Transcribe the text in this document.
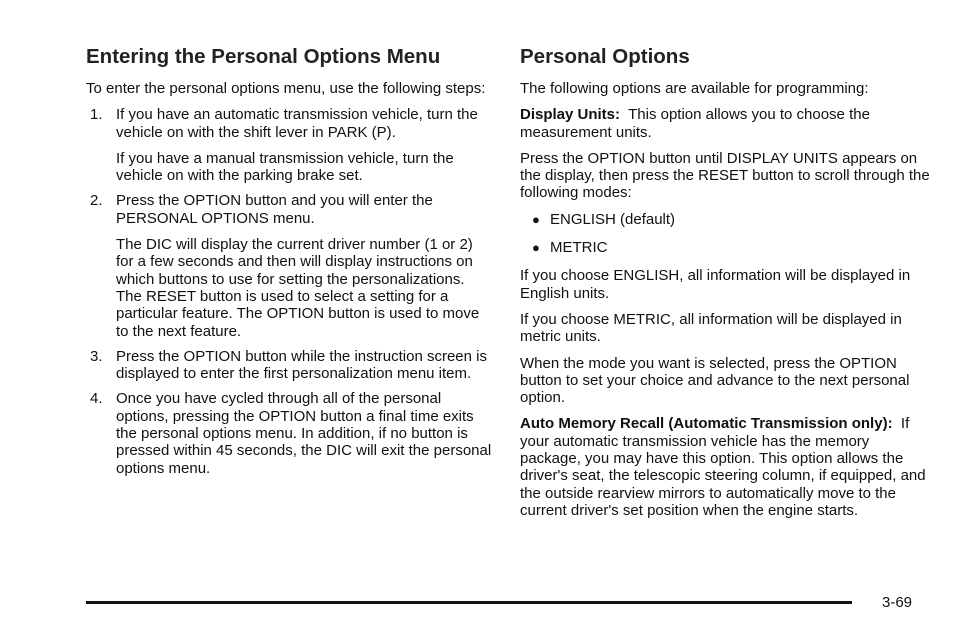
Entering the Personal Options Menu

To enter the personal options menu, use the following steps:

1. If you have an automatic transmission vehicle, turn the vehicle on with the shift lever in PARK (P).

If you have a manual transmission vehicle, turn the vehicle on with the parking brake set.

2. Press the OPTION button and you will enter the PERSONAL OPTIONS menu.

The DIC will display the current driver number (1 or 2) for a few seconds and then will display instructions on which buttons to use for setting the personalizations. The RESET button is used to select a setting for a particular feature. The OPTION button is used to move to the next feature.

3. Press the OPTION button while the instruction screen is displayed to enter the first personalization menu item.

4. Once you have cycled through all of the personal options, pressing the OPTION button a final time exits the personal options menu. In addition, if no button is pressed within 45 seconds, the DIC will exit the personal options menu.

Personal Options

The following options are available for programming:

Display Units: This option allows you to choose the measurement units.

Press the OPTION button until DISPLAY UNITS appears on the display, then press the RESET button to scroll through the following modes:

● ENGLISH (default)
● METRIC

If you choose ENGLISH, all information will be displayed in English units.

If you choose METRIC, all information will be displayed in metric units.

When the mode you want is selected, press the OPTION button to set your choice and advance to the next personal option.

Auto Memory Recall (Automatic Transmission only): If your automatic transmission vehicle has the memory package, you may have this option. This option allows the driver's seat, the telescopic steering column, if equipped, and the outside rearview mirrors to automatically move to the current driver's set position when the engine starts.

3-69
